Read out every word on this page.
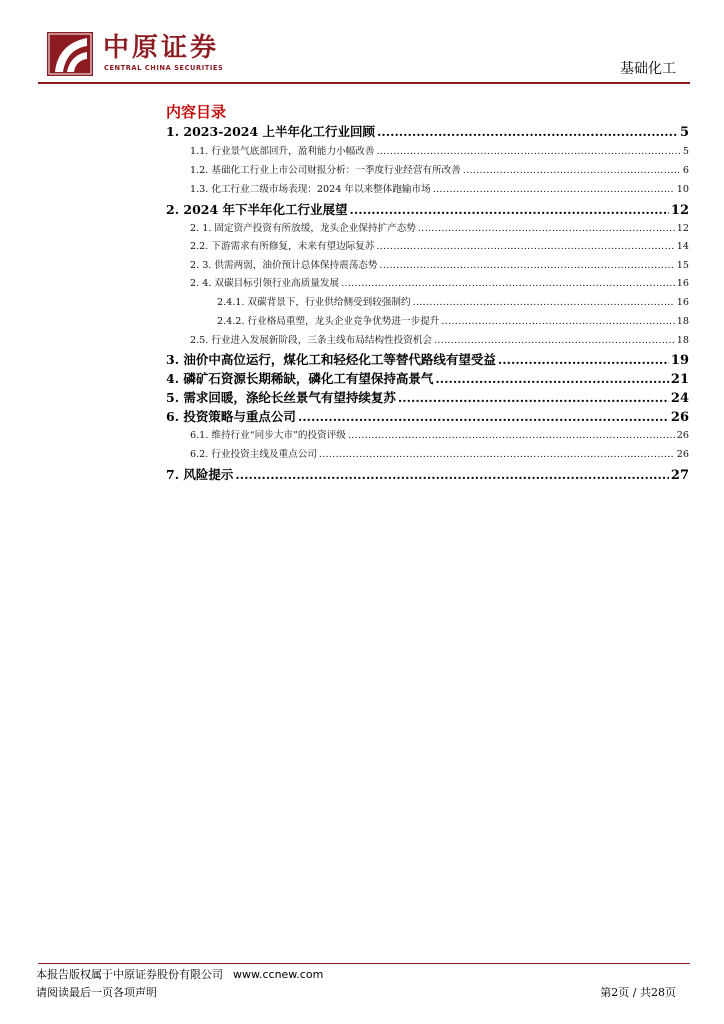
中原证券
CENTRAL CHINA SECURITIES	基础化工
内容目录
1. 2023-2024 上半年化工行业回顾 .....	5
1.1. 行业景气底部回升，盈利能力小幅改善 .....	5
1.2. 基础化工行业上市公司财报分析：一季度行业经营有所改善 .....	6
1.3. 化工行业二级市场表现：2024 年以来整体跑输市场 .....	10
2. 2024 年下半年化工行业展望 .....	12
2. 1. 固定资产投资有所放缓，龙头企业保持扩产态势 .....	12
2.2. 下游需求有所修复，未来有望边际复苏 .....	14
2. 3. 供需两弱，油价预计总体保持震荡态势 .....	15
2. 4. 双碳目标引领行业高质量发展 .....	16
2.4.1. 双碳背景下，行业供给侧受到较强制约 .....	16
2.4.2. 行业格局重塑，龙头企业竞争优势进一步提升 .....	18
2.5. 行业进入发展新阶段，三条主线布局结构性投资机会 .....	18
3. 油价中高位运行，煤化工和轻烃化工等替代路线有望受益 .....	19
4. 磷矿石资源长期稀缺，磷化工有望保持高景气 .....	21
5. 需求回暖，涤纶长丝景气有望持续复苏 .....	24
6. 投资策略与重点公司 .....	26
6.1. 维持行业“同步大市”的投资评级 .....	26
6.2. 行业投资主线及重点公司 .....	26
7. 风险提示 .....	27
本报告版权属于中原证券股份有限公司 www.ccnew.com
请阅读最后一页各项声明	第2页 / 共28页
